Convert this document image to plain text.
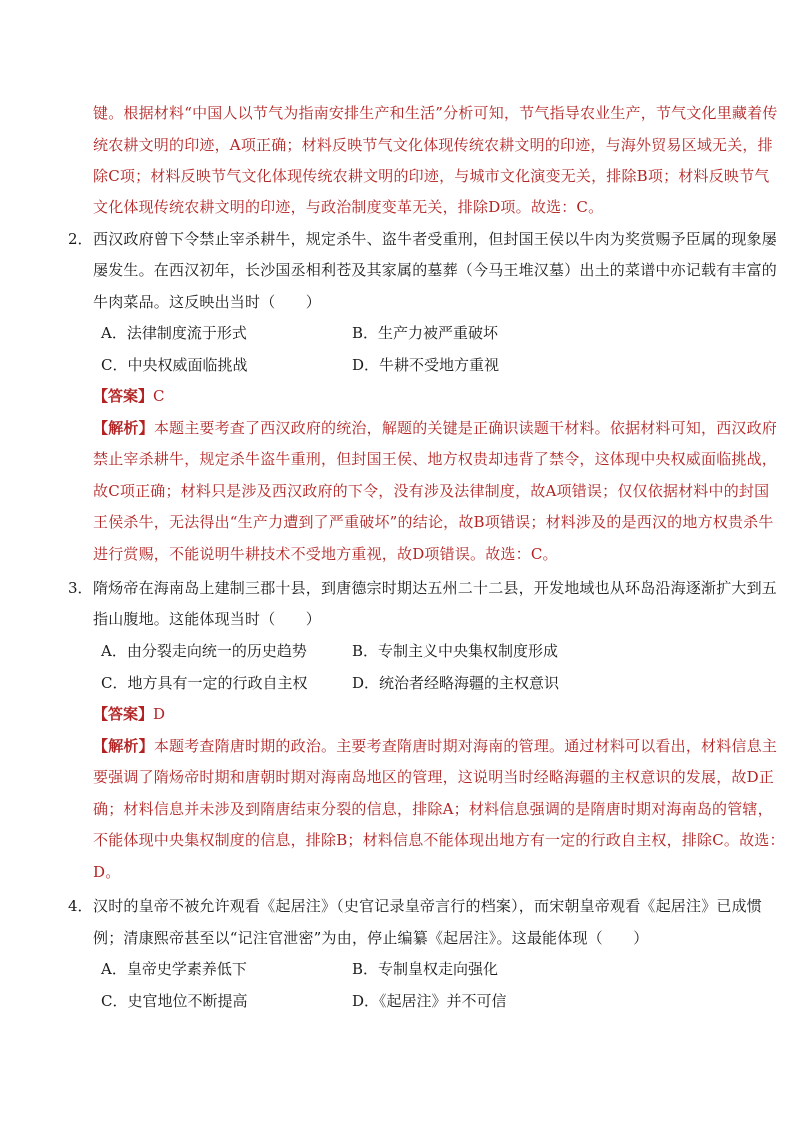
键。根据材料“中国人以节气为指南安排生产和生活”分析可知，节气指导农业生产，节气文化里藏着传
统农耕文明的印迹，A项正确；材料反映节气文化体现传统农耕文明的印迹，与海外贸易区域无关，排
除C项；材料反映节气文化体现传统农耕文明的印迹，与城市文化演变无关，排除B项；材料反映节气
文化体现传统农耕文明的印迹，与政治制度变革无关，排除D项。故选：C。
2． 西汉政府曾下令禁止宰杀耕牛，规定杀牛、盗牛者受重刑，但封国王侯以牛肉为奖赏赐予臣属的现象屡
屡发生。在西汉初年，长沙国丞相利苍及其家属的墓葬（今马王堆汉墓）出土的菜谱中亦记载有丰富的
牛肉菜品。这反映出当时（　　）
A．法律制度流于形式	B．生产力被严重破坏
C．中央权威面临挑战	D．牛耕不受地方重视
【答案】C
【解析】本题主要考查了西汉政府的统治，解题的关键是正确识读题干材料。依据材料可知，西汉政府
禁止宰杀耕牛，规定杀牛盗牛重刑，但封国王侯、地方权贵却违背了禁令，这体现中央权威面临挑战，
故C项正确；材料只是涉及西汉政府的下令，没有涉及法律制度，故A项错误；仅仅依据材料中的封国
王侯杀牛，无法得出“生产力遭到了严重破坏”的结论，故B项错误；材料涉及的是西汉的地方权贵杀牛
进行赏赐，不能说明牛耕技术不受地方重视，故D项错误。故选：C。
3． 隋炀帝在海南岛上建制三郡十县，到唐德宗时期达五州二十二县，开发地域也从环岛沿海逐渐扩大到五
指山腹地。这能体现当时（　　）
A．由分裂走向统一的历史趋势	B．专制主义中央集权制度形成
C．地方具有一定的行政自主权	D．统治者经略海疆的主权意识
【答案】D
【解析】本题考查隋唐时期的政治。主要考查隋唐时期对海南的管理。通过材料可以看出，材料信息主
要强调了隋炀帝时期和唐朝时期对海南岛地区的管理，这说明当时经略海疆的主权意识的发展，故D正
确；材料信息并未涉及到隋唐结束分裂的信息，排除A；材料信息强调的是隋唐时期对海南岛的管辖，
不能体现中央集权制度的信息，排除B；材料信息不能体现出地方有一定的行政自主权，排除C。故选：
D。
4． 汉时的皇帝不被允许观看《起居注》（史官记录皇帝言行的档案），而宋朝皇帝观看《起居注》已成惯
例；清康熙帝甚至以“记注官泄密”为由，停止编纂《起居注》。这最能体现（　　）
A．皇帝史学素养低下	B．专制皇权走向强化
C．史官地位不断提高	D．《起居注》并不可信
